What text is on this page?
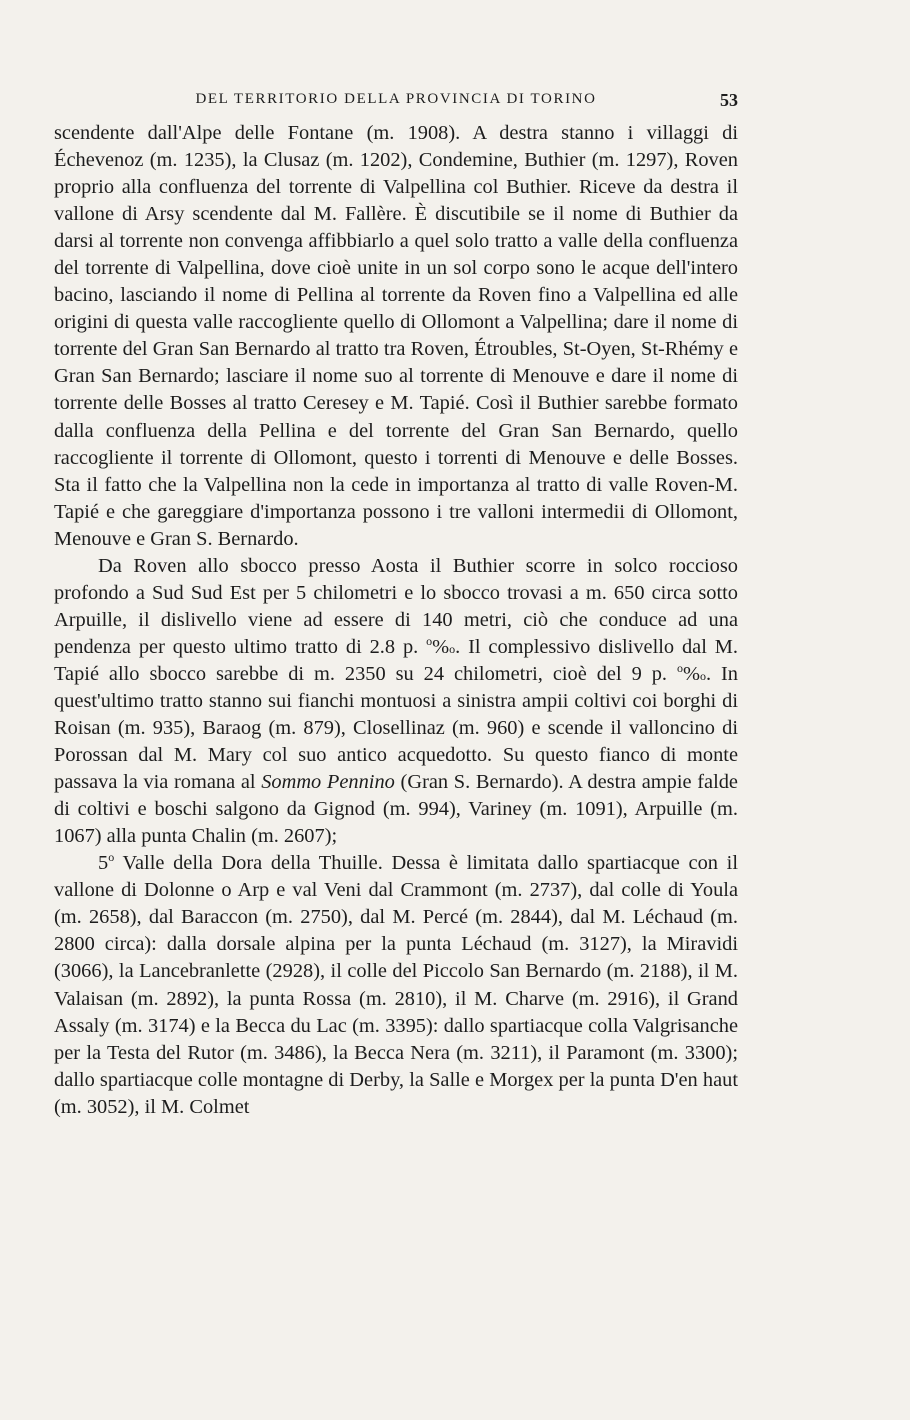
DEL TERRITORIO DELLA PROVINCIA DI TORINO	53

scendente dall'Alpe delle Fontane (m. 1908). A destra stanno i villaggi di Échevenoz (m. 1235), la Clusaz (m. 1202), Condemine, Buthier (m. 1297), Roven proprio alla confluenza del torrente di Valpellina col Buthier. Riceve da destra il vallone di Arsy scendente dal M. Fallère. È discutibile se il nome di Buthier da darsi al torrente non convenga affibbiarlo a quel solo tratto a valle della confluenza del torrente di Valpellina, dove cioè unite in un sol corpo sono le acque dell'intero bacino, lasciando il nome di Pellina al torrente da Roven fino a Valpellina ed alle origini di questa valle raccogliente quello di Ollomont a Valpellina; dare il nome di torrente del Gran San Bernardo al tratto tra Roven, Étroubles, St-Oyen, St-Rhémy e Gran San Bernardo; lasciare il nome suo al torrente di Menouve e dare il nome di torrente delle Bosses al tratto Ceresey e M. Tapié. Così il Buthier sarebbe formato dalla confluenza della Pellina e del torrente del Gran San Bernardo, quello raccogliente il torrente di Ollomont, questo i torrenti di Menouve e delle Bosses. Sta il fatto che la Valpellina non la cede in importanza al tratto di valle Roven-M. Tapié e che gareggiare d'importanza possono i tre valloni intermedii di Ollomont, Menouve e Gran S. Bernardo.

Da Roven allo sbocco presso Aosta il Buthier scorre in solco roccioso profondo a Sud Sud Est per 5 chilometri e lo sbocco trovasi a m. 650 circa sotto Arpuille, il dislivello viene ad essere di 140 metri, ciò che conduce ad una pendenza per questo ultimo tratto di 2.8 p. $^o$%o. Il complessivo dislivello dal M. Tapié allo sbocco sarebbe di m. 2350 su 24 chilometri, cioè del 9 p. $^o$%o. In quest'ultimo tratto stanno sui fianchi montuosi a sinistra ampii coltivi coi borghi di Roisan (m. 935), Baraog (m. 879), Closellinaz (m. 960) e scende il valloncino di Porossan dal M. Mary col suo antico acquedotto. Su questo fianco di monte passava la via romana al Sommo Pennino (Gran S. Bernardo). A destra ampie falde di coltivi e boschi salgono da Gignod (m. 994), Variney (m. 1091), Arpuille (m. 1067) alla punta Chalin (m. 2607);

5$^o$ Valle della Dora della Thuille. Dessa è limitata dallo spartiacque con il vallone di Dolonne o Arp e val Veni dal Crammont (m. 2737), dal colle di Youla (m. 2658), dal Baraccon (m. 2750), dal M. Percé (m. 2844), dal M. Léchaud (m. 2800 circa): dalla dorsale alpina per la punta Léchaud (m. 3127), la Miravidi (3066), la Lancebranlette (2928), il colle del Piccolo San Bernardo (m. 2188), il M. Valaisan (m. 2892), la punta Rossa (m. 2810), il M. Charve (m. 2916), il Grand Assaly (m. 3174) e la Becca du Lac (m. 3395): dallo spartiacque colla Valgrisanche per la Testa del Rutor (m. 3486), la Becca Nera (m. 3211), il Paramont (m. 3300); dallo spartiacque colle montagne di Derby, la Salle e Morgex per la punta D'en haut (m. 3052), il M. Colmet
